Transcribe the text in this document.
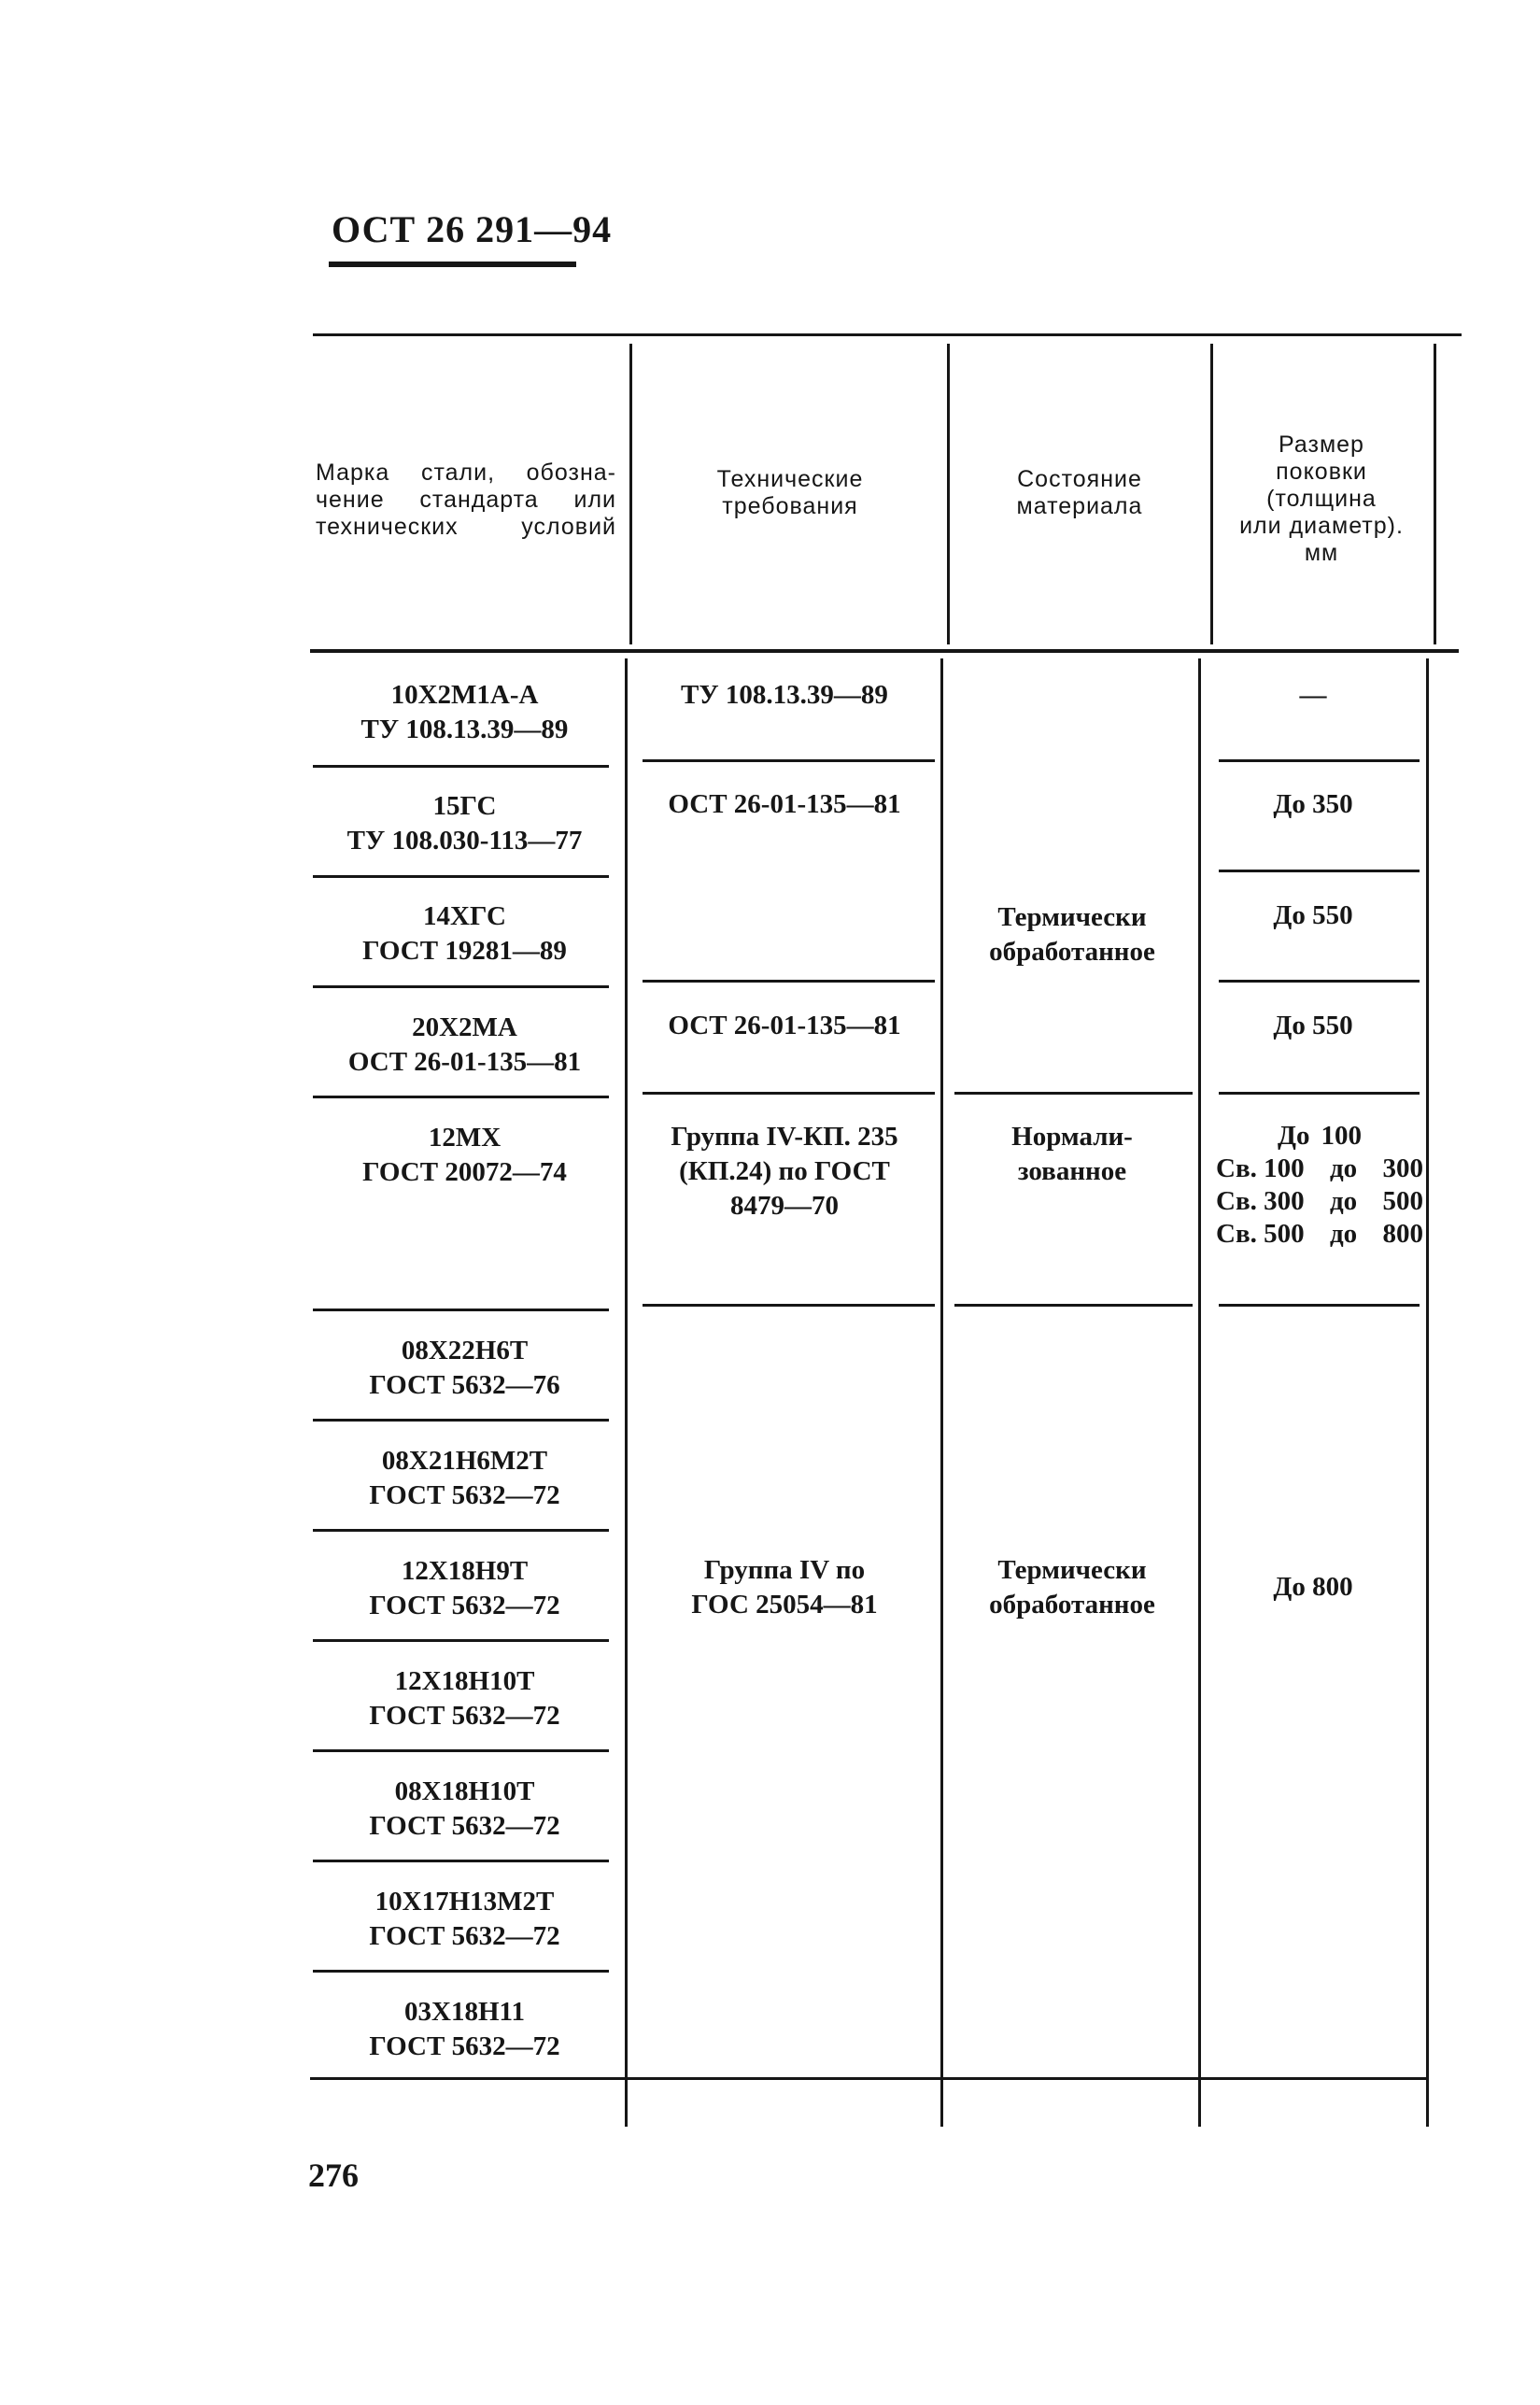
ОСТ 26 291—94
Марка стали, обозна-
чение стандарта или
технических условий
Технические
требования
Состояние
материала
Размер
поковки
(толщина
или диаметр).
мм
10Х2М1А-А
ТУ 108.13.39—89
15ГС
ТУ 108.030-113—77
14ХГС
ГОСТ 19281—89
20Х2МА
ОСТ 26-01-135—81
12МХ
ГОСТ 20072—74
08Х22Н6Т
ГОСТ 5632—76
08Х21Н6М2Т
ГОСТ 5632—72
12Х18Н9Т
ГОСТ 5632—72
12Х18Н10Т
ГОСТ 5632—72
08Х18Н10Т
ГОСТ 5632—72
10Х17Н13М2Т
ГОСТ 5632—72
03Х18Н11
ГОСТ 5632—72
ТУ 108.13.39—89
ОСТ 26-01-135—81
ОСТ 26-01-135—81
Группа IV-КП. 235
(КП.24) по ГОСТ
8479—70
Группа IV по
ГОС 25054—81
Термически
обработанное
Нормали-
зованное
Термически
обработанное
—
До 350
До 550
До 550
До 100
Св. 100 до 300
Св. 300 до 500
Св. 500 до 800
До 800
276
